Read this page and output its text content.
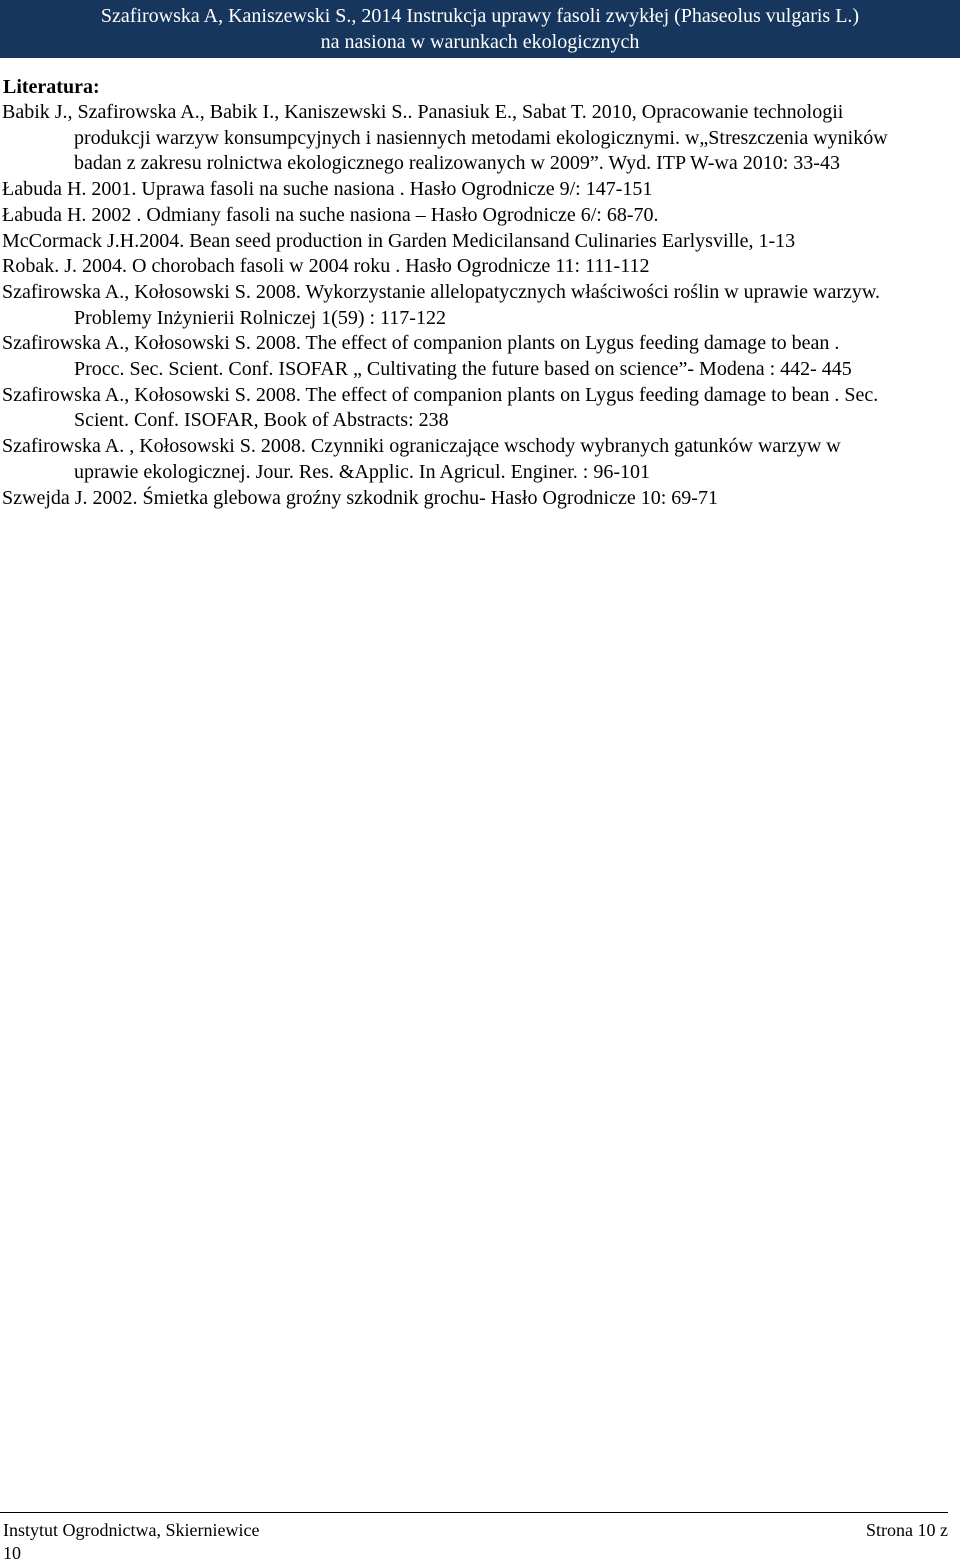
Szafirowska A, Kaniszewski S., 2014 Instrukcja uprawy fasoli zwykłej (Phaseolus vulgaris L.)
na nasiona w warunkach ekologicznych
Literatura:

Babik J., Szafirowska A., Babik I., Kaniszewski S.. Panasiuk E., Sabat T. 2010, Opracowanie technologii produkcji warzyw konsumpcyjnych i nasiennych metodami ekologicznymi. w„Streszczenia wyników badan z zakresu rolnictwa ekologicznego realizowanych w 2009”. Wyd. ITP W-wa 2010: 33-43

Łabuda H. 2001. Uprawa fasoli na suche nasiona . Hasło Ogrodnicze 9/: 147-151

Łabuda H. 2002 . Odmiany fasoli na suche nasiona – Hasło Ogrodnicze 6/: 68-70.

McCormack J.H.2004. Bean seed production in Garden Medicilansand Culinaries Earlysville, 1-13

Robak. J. 2004. O chorobach fasoli w 2004 roku . Hasło Ogrodnicze 11: 111-112

Szafirowska A., Kołosowski S. 2008. Wykorzystanie allelopatycznych właściwości roślin w uprawie warzyw. Problemy Inżynierii Rolniczej 1(59) : 117-122

Szafirowska A., Kołosowski S. 2008. The effect of companion plants on Lygus feeding damage to bean . Procc. Sec. Scient. Conf. ISOFAR „ Cultivating the future based on science”- Modena : 442- 445

Szafirowska A., Kołosowski S. 2008. The effect of companion plants on Lygus feeding damage to bean . Sec. Scient. Conf. ISOFAR, Book of Abstracts: 238

Szafirowska A. , Kołosowski S. 2008. Czynniki ograniczające wschody wybranych gatunków warzyw w uprawie ekologicznej. Jour. Res. &Applic. In Agricul. Enginer. : 96-101

Szwejda J. 2002. Śmietka glebowa groźny szkodnik grochu- Hasło Ogrodnicze 10: 69-71

Instytut Ogrodnictwa, Skierniewice	Strona 10 z
10
